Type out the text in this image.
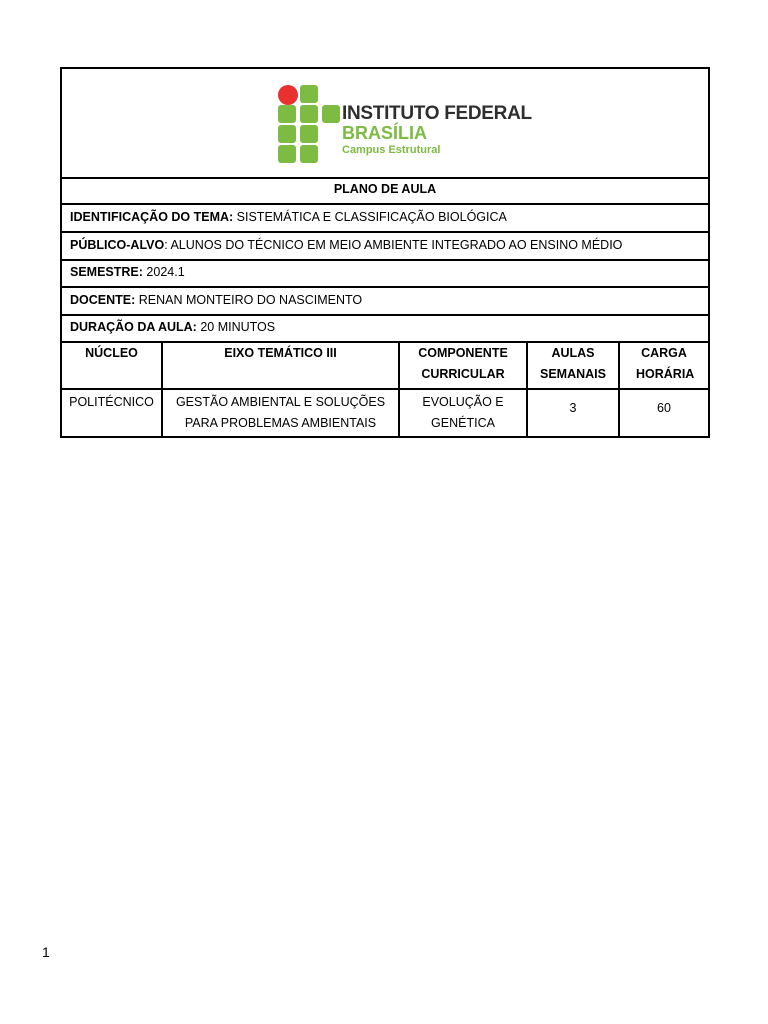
INSTITUTO FEDERAL
BRASÍLIA
Campus Estrutural
PLANO DE AULA
IDENTIFICAÇÃO DO TEMA: SISTEMÁTICA E CLASSIFICAÇÃO BIOLÓGICA
PÚBLICO-ALVO: ALUNOS DO TÉCNICO EM MEIO AMBIENTE INTEGRADO AO ENSINO MÉDIO
SEMESTRE: 2024.1
DOCENTE: RENAN MONTEIRO DO NASCIMENTO
DURAÇÃO DA AULA: 20 MINUTOS
NÚCLEO
POLITÉCNICO
EIXO TEMÁTICO III
GESTÃO AMBIENTAL E SOLUÇÕES PARA PROBLEMAS AMBIENTAIS
COMPONENTE CURRICULAR
EVOLUÇÃO E GENÉTICA
AULAS SEMANAIS
3
CARGA HORÁRIA
60
1
